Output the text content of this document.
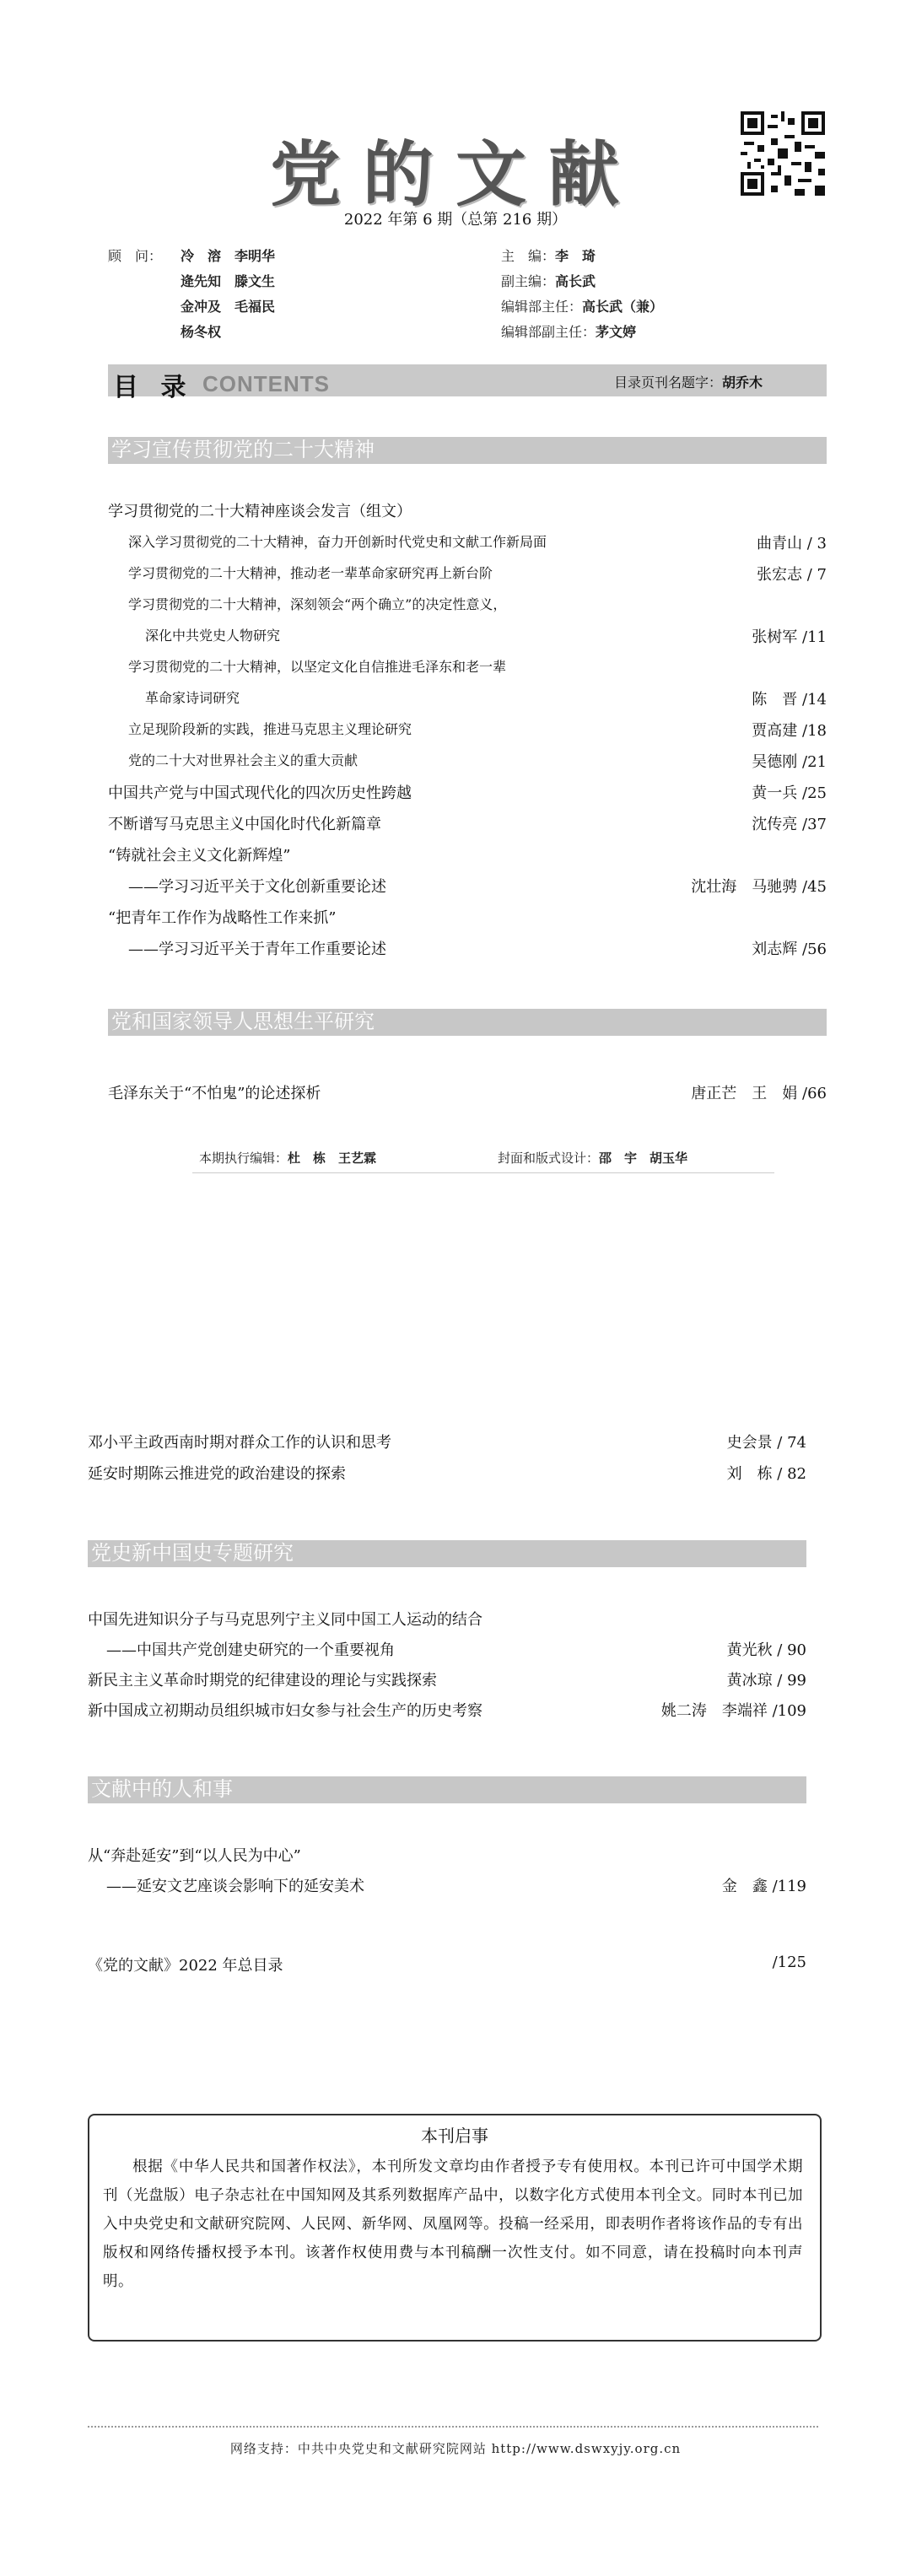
党的文献
2022 年第 6 期（总第 216 期）
顾　问： 冷　溶　李明华
逄先知　滕文生
金冲及　毛福民
杨冬权
主　编：李　琦
副主编：高长武
编辑部主任：高长武（兼）
编辑部副主任：茅文婷
目 录 CONTENTS	目录页刊名题字：胡乔木
学习宣传贯彻党的二十大精神
学习贯彻党的二十大精神座谈会发言（组文）
深入学习贯彻党的二十大精神，奋力开创新时代党史和文献工作新局面	曲青山 / 3
学习贯彻党的二十大精神，推动老一辈革命家研究再上新台阶	张宏志 / 7
学习贯彻党的二十大精神，深刻领会“两个确立”的决定性意义，
深化中共党史人物研究	张树军 /11
学习贯彻党的二十大精神，以坚定文化自信推进毛泽东和老一辈
革命家诗词研究	陈　晋 /14
立足现阶段新的实践，推进马克思主义理论研究	贾高建 /18
党的二十大对世界社会主义的重大贡献	吴德刚 /21
中国共产党与中国式现代化的四次历史性跨越	黄一兵 /25
不断谱写马克思主义中国化时代化新篇章	沈传亮 /37
“铸就社会主义文化新辉煌”
——学习习近平关于文化创新重要论述	沈壮海　马驰骋 /45
“把青年工作作为战略性工作来抓”
——学习习近平关于青年工作重要论述	刘志辉 /56
党和国家领导人思想生平研究
毛泽东关于“不怕鬼”的论述探析	唐正芒　王　娟 /66
本期执行编辑：杜　栋　王艺霖	封面和版式设计：邵　宇　胡玉华
邓小平主政西南时期对群众工作的认识和思考	史会景 / 74
延安时期陈云推进党的政治建设的探索	刘　栋 / 82
党史新中国史专题研究
中国先进知识分子与马克思列宁主义同中国工人运动的结合
——中国共产党创建史研究的一个重要视角	黄光秋 / 90
新民主主义革命时期党的纪律建设的理论与实践探索	黄冰琼 / 99
新中国成立初期动员组织城市妇女参与社会生产的历史考察	姚二涛　李端祥 /109
文献中的人和事
从“奔赴延安”到“以人民为中心”
——延安文艺座谈会影响下的延安美术	金　鑫 /119
《党的文献》2022 年总目录	/125
本刊启事
根据《中华人民共和国著作权法》，本刊所发文章均由作者授予专有使用权。本刊已许可中国学术期刊（光盘版）电子杂志社在中国知网及其系列数据库产品中，以数字化方式使用本刊全文。同时本刊已加入中央党史和文献研究院网、人民网、新华网、凤凰网等。投稿一经采用，即表明作者将该作品的专有出版权和网络传播权授予本刊。该著作权使用费与本刊稿酬一次性支付。如不同意，请在投稿时向本刊声明。
网络支持：中共中央党史和文献研究院网站 http://www.dswxyjy.org.cn
